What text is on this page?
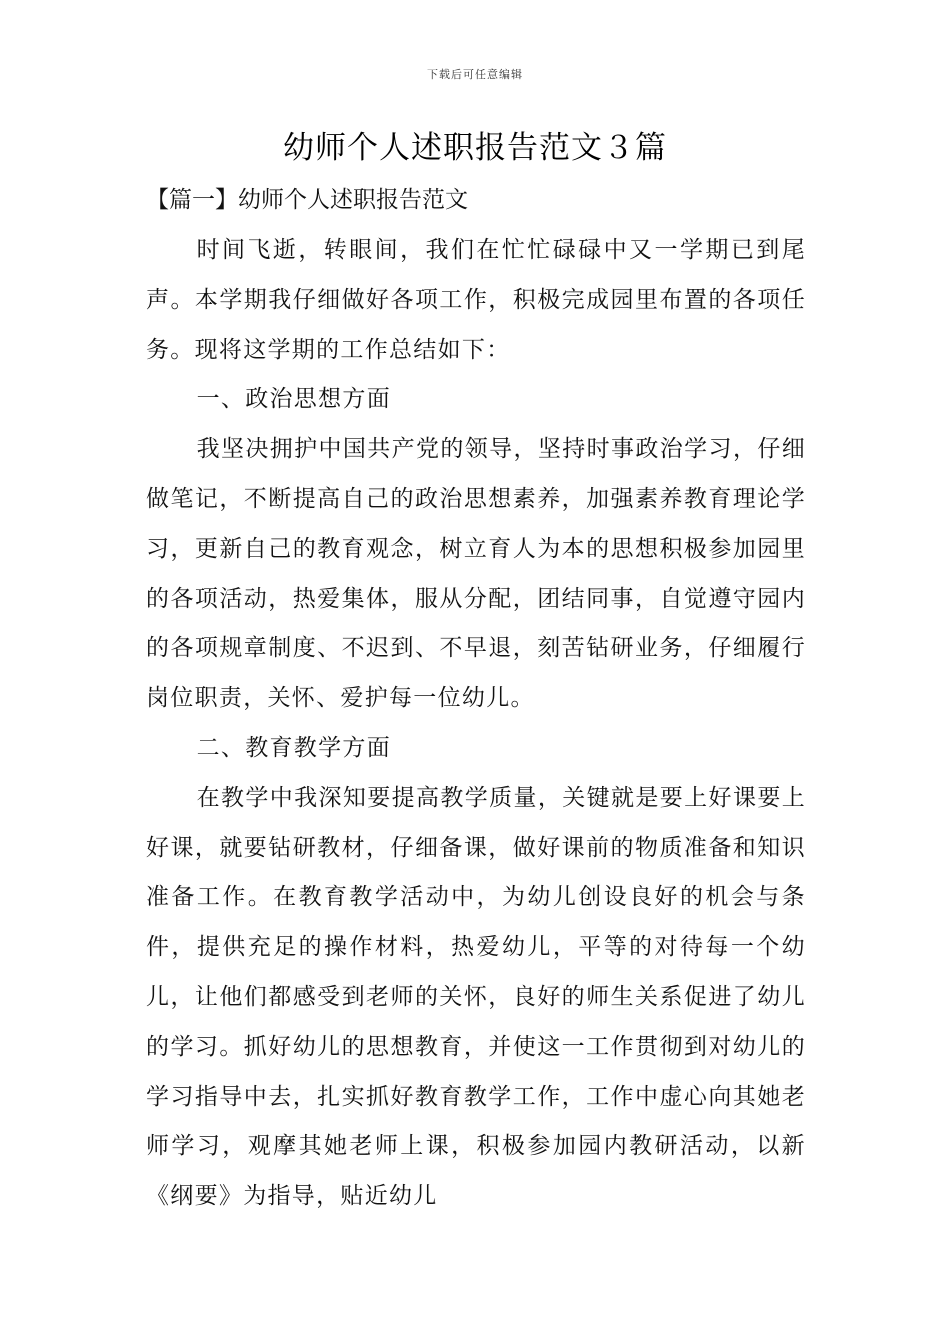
下载后可任意编辑
幼师个人述职报告范文３篇
【篇一】幼师个人述职报告范文

时间飞逝，转眼间，我们在忙忙碌碌中又一学期已到尾声。本学期我仔细做好各项工作，积极完成园里布置的各项任务。现将这学期的工作总结如下：

一、政治思想方面

我坚决拥护中国共产党的领导，坚持时事政治学习，仔细做笔记，不断提高自己的政治思想素养，加强素养教育理论学习，更新自己的教育观念，树立育人为本的思想积极参加园里的各项活动，热爱集体，服从分配，团结同事，自觉遵守园内的各项规章制度、不迟到、不早退，刻苦钻研业务，仔细履行岗位职责，关怀、爱护每一位幼儿。

二、教育教学方面

在教学中我深知要提高教学质量，关键就是要上好课要上好课，就要钻研教材，仔细备课，做好课前的物质准备和知识准备工作。在教育教学活动中，为幼儿创设良好的机会与条件，提供充足的操作材料，热爱幼儿，平等的对待每一个幼儿，让他们都感受到老师的关怀，良好的师生关系促进了幼儿的学习。抓好幼儿的思想教育，并使这一工作贯彻到对幼儿的学习指导中去，扎实抓好教育教学工作，工作中虚心向其她老师学习，观摩其她老师上课，积极参加园内教研活动，以新《纲要》为指导，贴近幼儿
